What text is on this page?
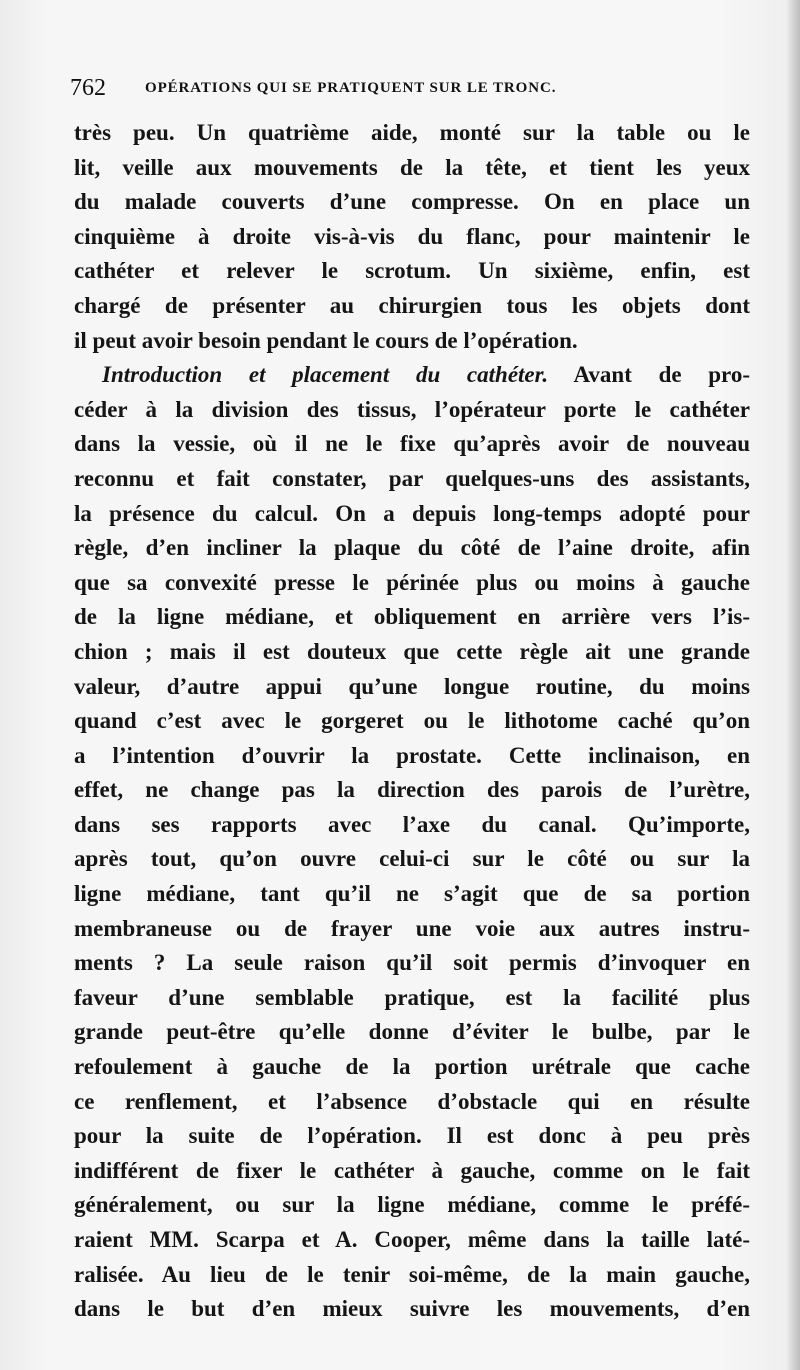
762	OPÉRATIONS QUI SE PRATIQUENT SUR LE TRONC.
très peu. Un quatrième aide, monté sur la table ou le
lit, veille aux mouvements de la tête, et tient les yeux
du malade couverts d’une compresse. On en place un
cinquième à droite vis-à-vis du flanc, pour maintenir le
cathéter et relever le scrotum. Un sixième, enfin, est
chargé de présenter au chirurgien tous les objets dont
il peut avoir besoin pendant le cours de l’opération.
Introduction et placement du cathéter. Avant de pro-
céder à la division des tissus, l’opérateur porte le cathéter
dans la vessie, où il ne le fixe qu’après avoir de nouveau
reconnu et fait constater, par quelques-uns des assistants,
la présence du calcul. On a depuis long-temps adopté pour
règle, d’en incliner la plaque du côté de l’aine droite, afin
que sa convexité presse le périnée plus ou moins à gauche
de la ligne médiane, et obliquement en arrière vers l’is-
chion ; mais il est douteux que cette règle ait une grande
valeur, d’autre appui qu’une longue routine, du moins
quand c’est avec le gorgeret ou le lithotome caché qu’on
a l’intention d’ouvrir la prostate. Cette inclinaison, en
effet, ne change pas la direction des parois de l’urètre,
dans ses rapports avec l’axe du canal. Qu’importe,
après tout, qu’on ouvre celui-ci sur le côté ou sur la
ligne médiane, tant qu’il ne s’agit que de sa portion
membraneuse ou de frayer une voie aux autres instru-
ments ? La seule raison qu’il soit permis d’invoquer en
faveur d’une semblable pratique, est la facilité plus
grande peut-être qu’elle donne d’éviter le bulbe, par le
refoulement à gauche de la portion urétrale que cache
ce renflement, et l’absence d’obstacle qui en résulte
pour la suite de l’opération. Il est donc à peu près
indifférent de fixer le cathéter à gauche, comme on le fait
généralement, ou sur la ligne médiane, comme le préfé-
raient MM. Scarpa et A. Cooper, même dans la taille laté-
ralisée. Au lieu de le tenir soi-même, de la main gauche,
dans le but d’en mieux suivre les mouvements, d’en
